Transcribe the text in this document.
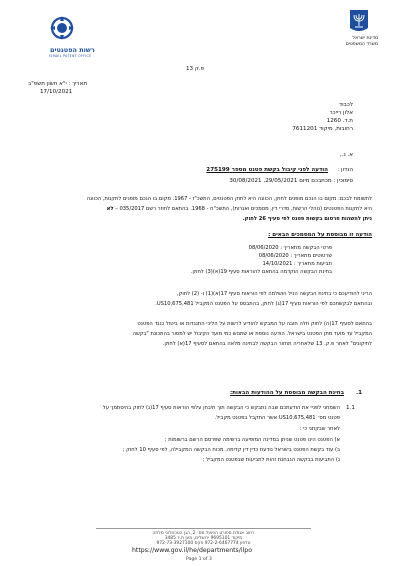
רשות הפטנטים
ISRAEL PATENT OFFICE
מדינת ישראל
משרד המשפטים
פ.ק 13
תאריך : י"א חשון תשפ"ב
17/10/2021
לכבוד
אלון רייכר
ת.ד. 1260
רחובות, מיקוד 7611201
א. נ.,
הנדון :
הודעה לפני קיבול בקשת פטנט מספר 275199
סימוכין : מכתבכם מיום 29/05/2021, 30/08/2021
לתשומת לבכם: מקום בו הנכם מופנים לחוק, הכוונה היא לחוק הפטנטים, התשכ"ז - 1967. מקום בו הנכם מופנים לתקנות, הכוונה
היא לתקנות הפטנטים (נוהלי הרשות, סדרי דין, מסמכים ואגרות), התשכ"ח - 1968. בהתאם לחוזר רשם 035/2017 – לא
ניתן להשהות פרסום בקשות פטנט לפי סעיף 26 לחוק.
הודעה זו מבוססת על המסמכים הבאים :
פרטי הבקשה מתאריך : 08/06/2020
שרטוטים מתאריך : 08/06/2020
תביעות מתאריך : 14/10/2021
בחינת הבקשה הוקדמה בהתאם להוראות סעיף 19(א)(3) לחוק.
הריני להודיעכם כי בחינת הבקשה הניל הושלמה לפי הוראות סעיף 17(א)(1) ו- (2) לחוק,
ובהתאם לבקשתכם לפי הוראות סעיף 17(ג) לחוק, בהתבסס על הפטנט המקביל US10,675,481.
בהתאם לסעיף 17(ה) לחוק חלה חובה על המבקש להודיע לרשות על הליכי התנגדות או ביטול כנגד הפטנט
המקביל עד מועד מתן הפטנט בישראל. הודעה נוספת או שתנוש כמי מועד הקיבול יש למסור בהתכונת "בקשה
לתיקונים" לאחר פ.ק. 13 שלאחריה תחזור הבקשה לבחינה מלאה בהתאם לסעיף 17(א) לחוק.
.1
בחינת הבקשה מבוססת על ההודעות הבאות:
1.1
השמחני לפניי את הודעתכם שבה נתבקש כי הבקשה תוך תיבחן עלפי הוראות סעיף 17(ג) לחוק בהיסתמך על
פטנט מס׳ US10,675,481 אשר התקבל בפטנט מקביל.
לאחר שבקתני כי :
א) הפטנט הינו פטנט שניתן במדינה המופיעה ברשימה שפרסם הרשם ברשומות ;
ב) עוד בקשת הפטנט בישראל נודעת כדין דין קדימה, מכוח הבקשה המקבילה, לפי סעיף 10 לחוק ;
ג) התביעות בבקשה הנבחנת זהות לתביעות שבפטנט המקביל ;
רחוב אגודת ספורט הפועל מס׳ 2, הגן הטכנולוגי מלחה
מיקוד 9695101 ירושלים, מען ת.ד 3485
טלפון 972-2-6467774 פקס 972-73-3927100
https://www.gov.il/he/departments/ilpo
Page 1 of 3
